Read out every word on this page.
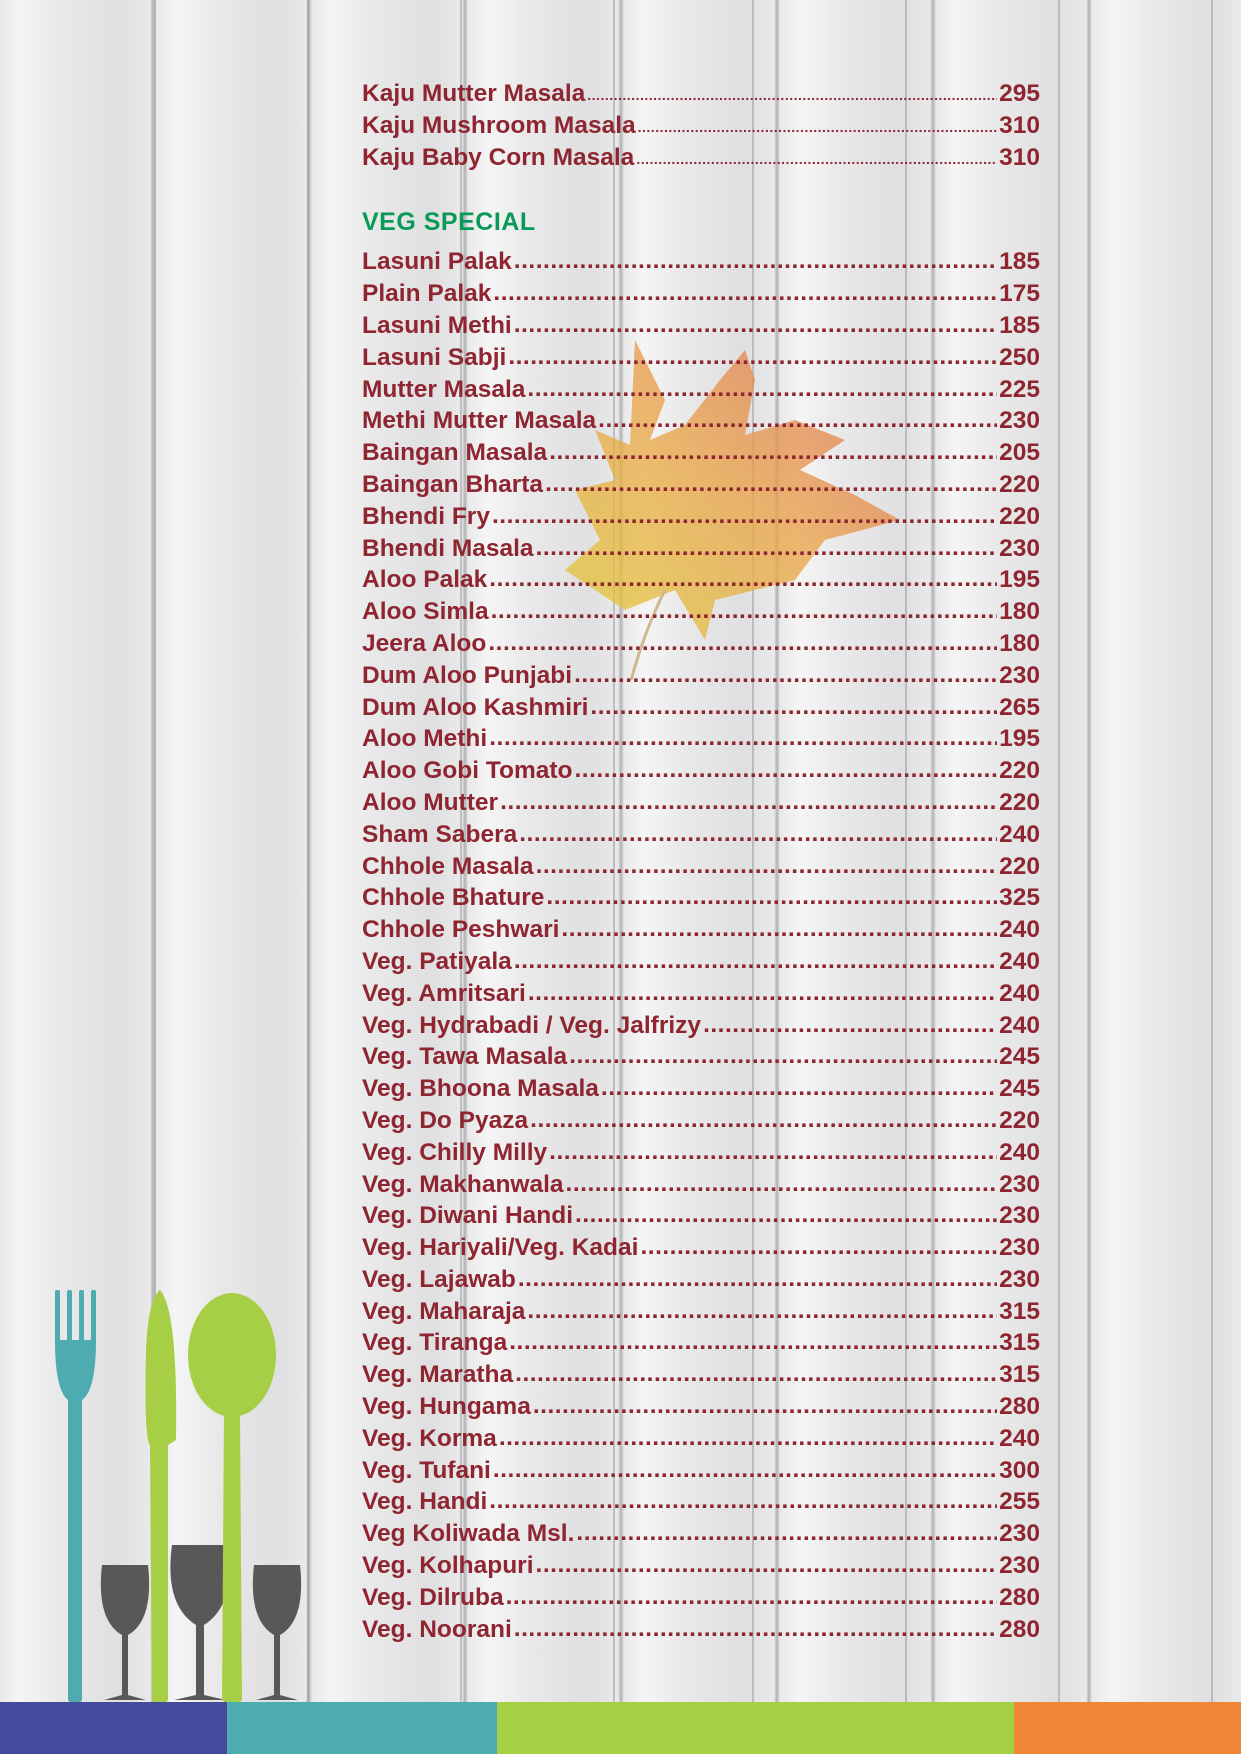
Kaju Mutter Masala .....	295
Kaju Mushroom Masala .....	310
Kaju Baby Corn Masala .....	310
VEG SPECIAL
Lasuni Palak .....	185
Plain Palak .....	175
Lasuni Methi .....	185
Lasuni Sabji .....	250
Mutter Masala .....	225
Methi Mutter Masala .....	230
Baingan Masala .....	205
Baingan Bharta .....	220
Bhendi Fry .....	220
Bhendi Masala .....	230
Aloo Palak .....	195
Aloo Simla .....	180
Jeera Aloo .....	180
Dum Aloo Punjabi .....	230
Dum Aloo Kashmiri .....	265
Aloo Methi .....	195
Aloo Gobi Tomato .....	220
Aloo Mutter .....	220
Sham Sabera .....	240
Chhole Masala .....	220
Chhole Bhature .....	325
Chhole Peshwari .....	240
Veg. Patiyala .....	240
Veg. Amritsari .....	240
Veg. Hydrabadi / Veg. Jalfrizy .....	240
Veg. Tawa Masala .....	245
Veg. Bhoona Masala .....	245
Veg. Do Pyaza .....	220
Veg. Chilly Milly .....	240
Veg. Makhanwala .....	230
Veg. Diwani Handi .....	230
Veg. Hariyali/Veg. Kadai .....	230
Veg. Lajawab .....	230
Veg. Maharaja .....	315
Veg. Tiranga .....	315
Veg. Maratha .....	315
Veg. Hungama .....	280
Veg. Korma .....	240
Veg. Tufani .....	300
Veg. Handi .....	255
Veg Koliwada Msl. .....	230
Veg. Kolhapuri .....	230
Veg. Dilruba .....	280
Veg. Noorani .....	280
